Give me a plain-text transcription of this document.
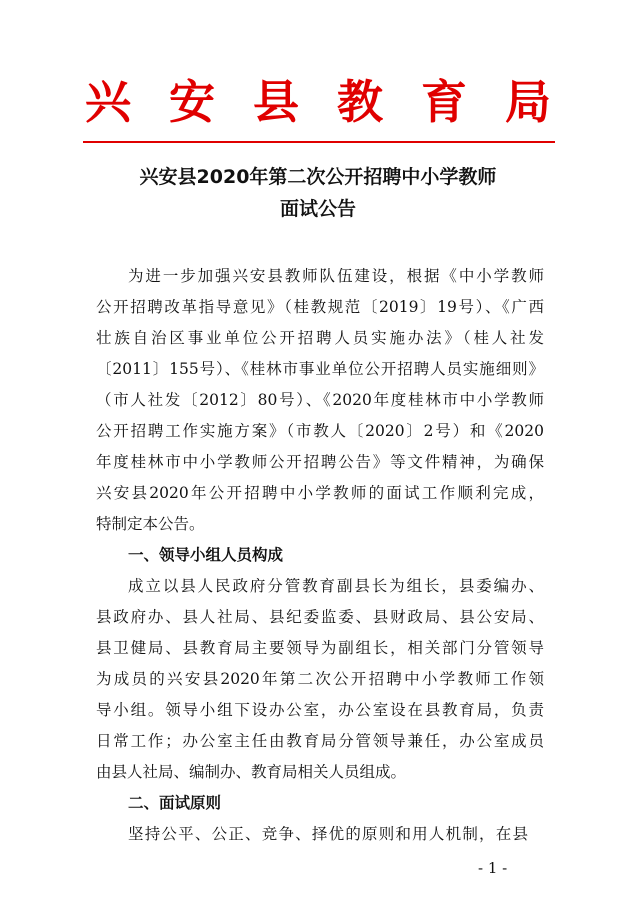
兴安县教育局
兴安县2020年第二次公开招聘中小学教师
面试公告
为进一步加强兴安县教师队伍建设，根据《中小学教师
公开招聘改革指导意见》（桂教规范〔2019〕19号）、《广西
壮族自治区事业单位公开招聘人员实施办法》（桂人社发
〔2011〕155号）、《桂林市事业单位公开招聘人员实施细则》
（市人社发〔2012〕80号）、《2020年度桂林市中小学教师
公开招聘工作实施方案》（市教人〔2020〕2号）和《2020
年度桂林市中小学教师公开招聘公告》等文件精神，为确保
兴安县2020年公开招聘中小学教师的面试工作顺利完成，
特制定本公告。
一、领导小组人员构成
成立以县人民政府分管教育副县长为组长，县委编办、
县政府办、县人社局、县纪委监委、县财政局、县公安局、
县卫健局、县教育局主要领导为副组长，相关部门分管领导
为成员的兴安县2020年第二次公开招聘中小学教师工作领
导小组。领导小组下设办公室，办公室设在县教育局，负责
日常工作；办公室主任由教育局分管领导兼任，办公室成员
由县人社局、编制办、教育局相关人员组成。
二、面试原则
坚持公平、公正、竞争、择优的原则和用人机制，在县
- 1 -
